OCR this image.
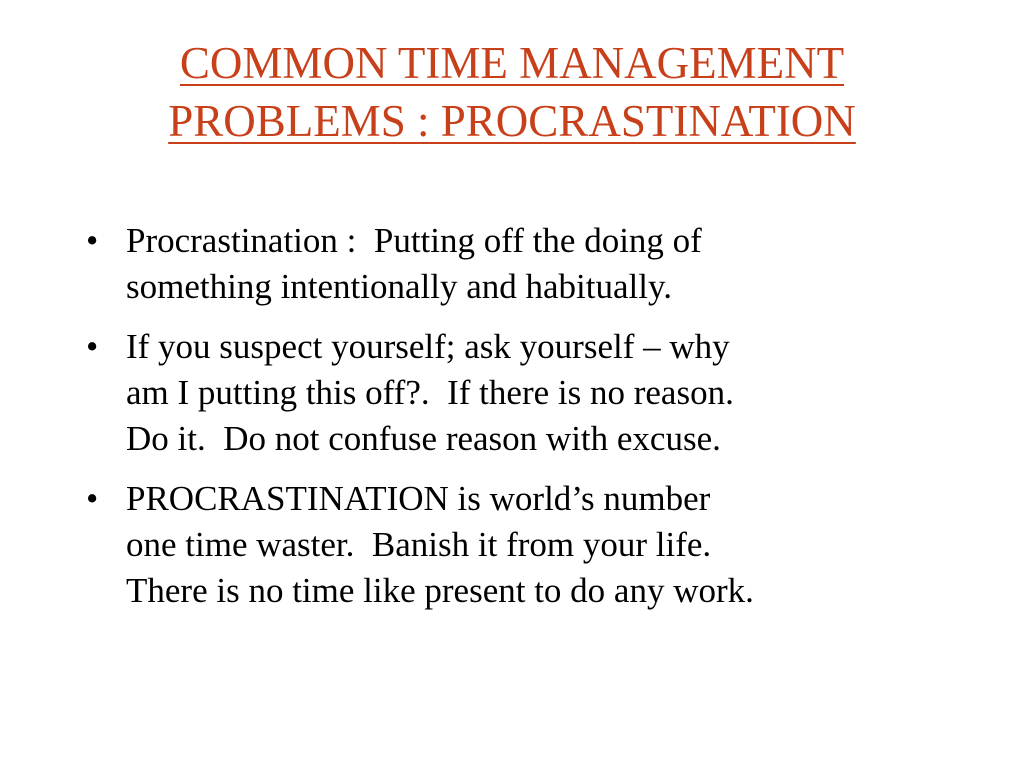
COMMON TIME MANAGEMENT
PROBLEMS : PROCRASTINATION
• Procrastination :  Putting off the doing of
something intentionally and habitually.
• If you suspect yourself; ask yourself – why
am I putting this off?.  If there is no reason.
Do it.  Do not confuse reason with excuse.
• PROCRASTINATION is world’s number
one time waster.  Banish it from your life.
There is no time like present to do any work.
